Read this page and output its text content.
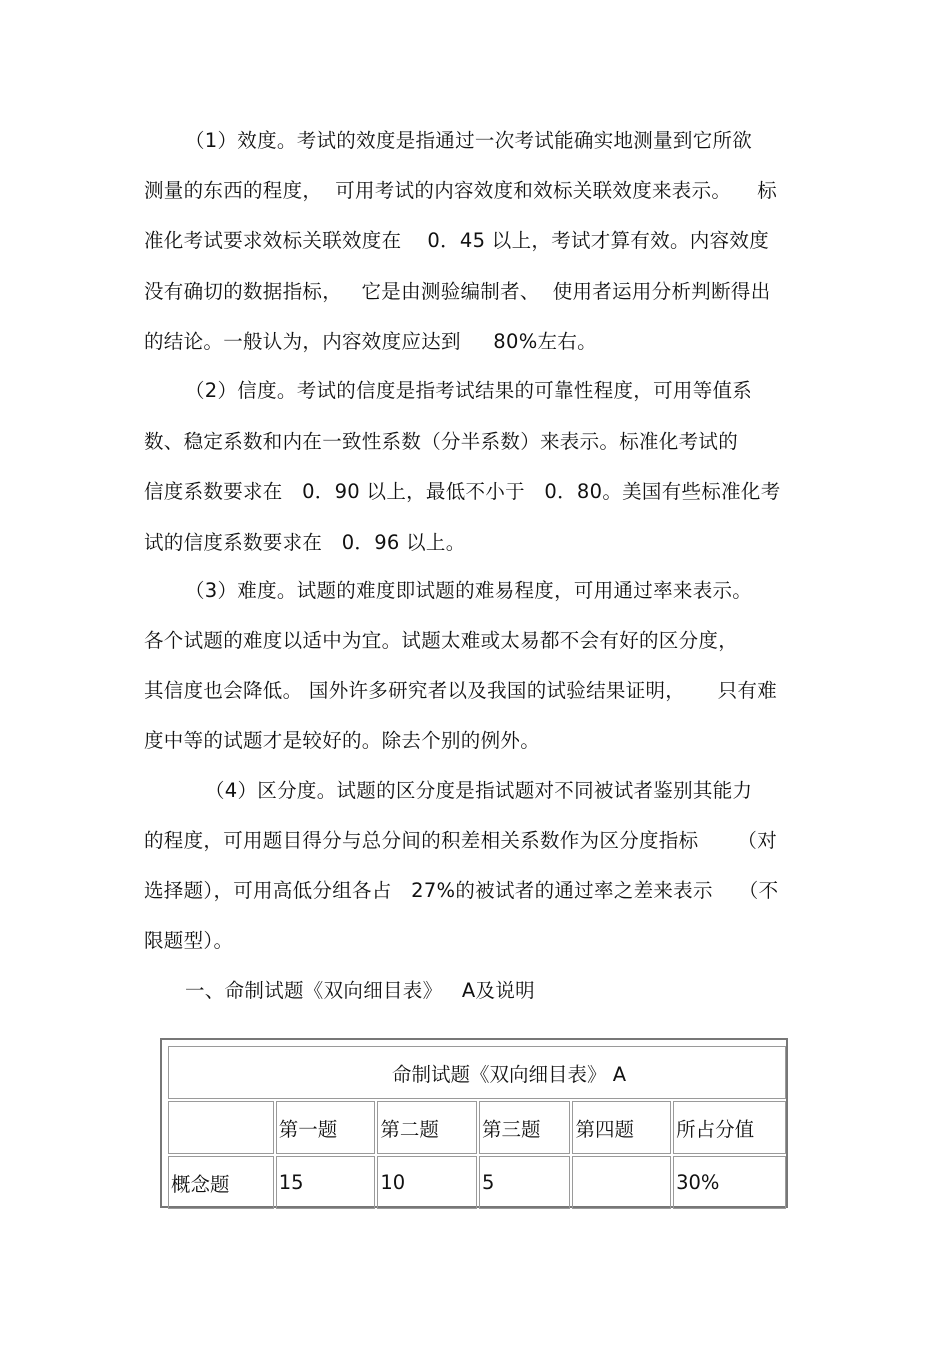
（1）效度。考试的效度是指通过一次考试能确实地测量到它所欲
测量的东西的程度，  可用考试的内容效度和效标关联效度来表示。    标
准化考试要求效标关联效度在    0．45 以上，考试才算有效。内容效度
没有确切的数据指标，   它是由测验编制者、  使用者运用分析判断得出
的结论。一般认为，内容效度应达到     80%左右。
（2）信度。考试的信度是指考试结果的可靠性程度，可用等值系
数、稳定系数和内在一致性系数（分半系数）来表示。标准化考试的
信度系数要求在   0．90 以上，最低不小于   0．80。美国有些标准化考
试的信度系数要求在   0．96 以上。
（3）难度。试题的难度即试题的难易程度，可用通过率来表示。
各个试题的难度以适中为宜。试题太难或太易都不会有好的区分度，
其信度也会降低。 国外许多研究者以及我国的试验结果证明，     只有难
度中等的试题才是较好的。除去个别的例外。
（4）区分度。试题的区分度是指试题对不同被试者鉴别其能力
的程度，可用题目得分与总分间的积差相关系数作为区分度指标      （对
选择题），可用高低分组各占   27%的被试者的通过率之差来表示    （不
限题型）。
一、命制试题《双向细目表》   A及说明
命制试题《双向细目表》 A					
	第一题	第二题	第三题	第四题	所占分值
概念题	15	10	5		30%
